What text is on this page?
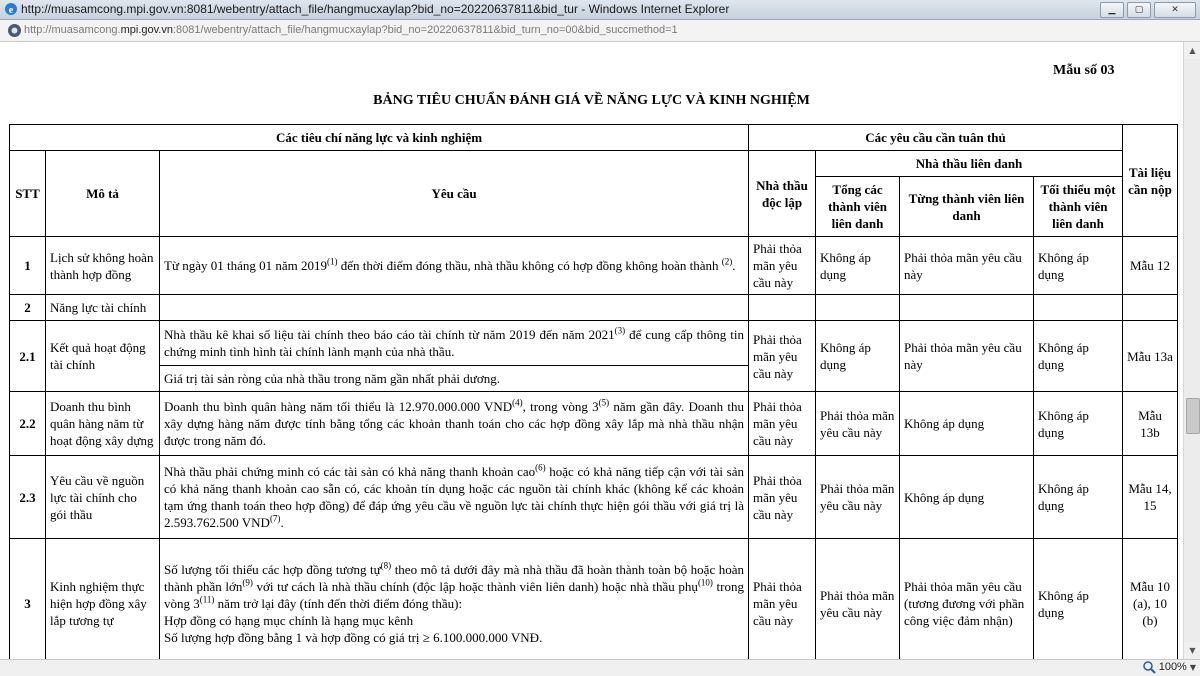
e http://muasamcong.mpi.gov.vn:8081/webentry/attach_file/hangmucxaylap?bid_no=20220637811&bid_tur - Windows Internet Explorer	▁	▢	✕
http://muasamcong.mpi.gov.vn:8081/webentry/attach_file/hangmucxaylap?bid_no=20220637811&bid_turn_no=00&bid_succmethod=1
Mẫu số 03
BẢNG TIÊU CHUẨN ĐÁNH GIÁ VỀ NĂNG LỰC VÀ KINH NGHIỆM
Các tiêu chí năng lực và kinh nghiệm			Các yêu cầu cần tuân thủ				Tài liệu cần nộp
STT	Mô tả	Yêu cầu	Nhà thầu độc lập	Nhà thầu liên danh			
				Tổng các thành viên liên danh	Từng thành viên liên danh	Tối thiểu một thành viên liên danh	
1	Lịch sử không hoàn thành hợp đồng	Từ ngày 01 tháng 01 năm 2019$^{(1)}$ đến thời điểm đóng thầu, nhà thầu không có hợp đồng không hoàn thành $^{(2)}$.	Phải thỏa mãn yêu cầu này	Không áp dụng	Phải thỏa mãn yêu cầu này	Không áp dụng	Mẫu 12
2	Năng lực tài chính						
2.1	Kết quả hoạt động tài chính	Nhà thầu kê khai số liệu tài chính theo báo cáo tài chính từ năm 2019 đến năm 2021$^{(3)}$ để cung cấp thông tin chứng minh tình hình tài chính lành mạnh của nhà thầu.	Phải thỏa mãn yêu cầu này	Không áp dụng	Phải thỏa mãn yêu cầu này	Không áp dụng	Mẫu 13a
		Giá trị tài sản ròng của nhà thầu trong năm gần nhất phải dương.					
2.2	Doanh thu bình quân hàng năm từ hoạt động xây dựng	Doanh thu bình quân hàng năm tối thiểu là 12.970.000.000 VND$^{(4)}$, trong vòng 3$^{(5)}$ năm gần đây. Doanh thu xây dựng hàng năm được tính bằng tổng các khoản thanh toán cho các hợp đồng xây lắp mà nhà thầu nhận được trong năm đó.	Phải thỏa mãn yêu cầu này	Phải thỏa mãn yêu cầu này	Không áp dụng	Không áp dụng	Mẫu 13b
2.3	Yêu cầu về nguồn lực tài chính cho gói thầu	Nhà thầu phải chứng minh có các tài sản có khả năng thanh khoản cao$^{(6)}$ hoặc có khả năng tiếp cận với tài sản có khả năng thanh khoản cao sẵn có, các khoản tín dụng hoặc các nguồn tài chính khác (không kể các khoản tạm ứng thanh toán theo hợp đồng) để đáp ứng yêu cầu về nguồn lực tài chính thực hiện gói thầu với giá trị là 2.593.762.500 VND$^{(7)}$.	Phải thỏa mãn yêu cầu này	Phải thỏa mãn yêu cầu này	Không áp dụng	Không áp dụng	Mẫu 14, 15
3	Kinh nghiệm thực hiện hợp đồng xây lắp tương tự	Số lượng tối thiểu các hợp đồng tương tự$^{(8)}$ theo mô tả dưới đây mà nhà thầu đã hoàn thành toàn bộ hoặc hoàn thành phần lớn$^{(9)}$ với tư cách là nhà thầu chính (độc lập hoặc thành viên liên danh) hoặc nhà thầu phụ$^{(10)}$ trong vòng 3$^{(11)}$ năm trở lại đây (tính đến thời điểm đóng thầu):
Hợp đồng có hạng mục chính là hạng mục kênh
Số lượng hợp đồng bằng 1 và hợp đồng có giá trị ≥ 6.100.000.000 VNĐ.	Phải thỏa mãn yêu cầu này	Phải thỏa mãn yêu cầu này	Phải thỏa mãn yêu cầu (tương đương với phần công việc đảm nhận)	Không áp dụng	Mẫu 10 (a), 10 (b)
▲
▼
100% ▼
